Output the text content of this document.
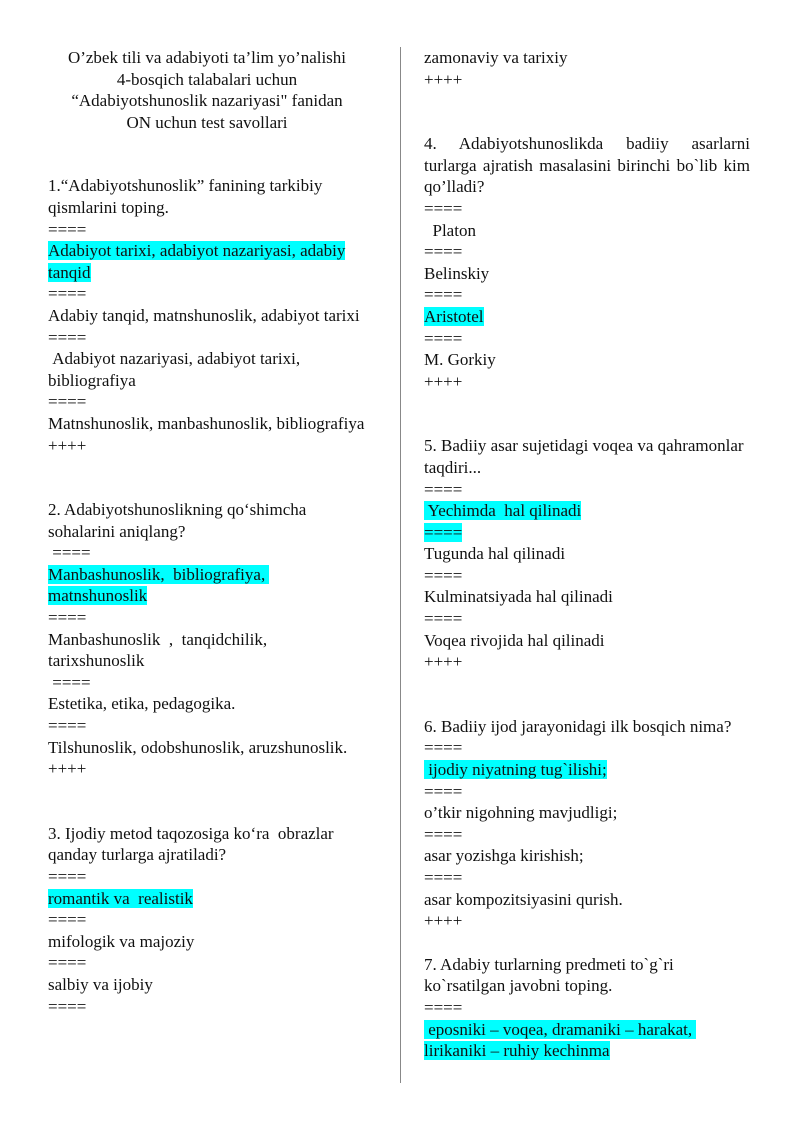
O’zbek tili va adabiyoti ta’lim yo’nalishi
4-bosqich talabalari uchun
“Adabiyotshunoslik nazariyasi" fanidan
ON uchun test savollari
1.“Adabiyotshunoslik” fanining tarkibiy qismlarini toping.
====
Adabiyot tarixi, adabiyot nazariyasi, adabiy tanqid
====
Adabiy tanqid, matnshunoslik, adabiyot tarixi
====
Adabiyot nazariyasi, adabiyot tarixi, bibliografiya
====
Matnshunoslik, manbashunoslik, bibliografiya
++++
2. Adabiyotshunoslikning qo‘shimcha sohalarini aniqlang?
====
Manbashunoslik,  bibliografiya, matnshunoslik
====
Manbashunoslik  ,  tanqidchilik, tarixshunoslik
====
Estetika, etika, pedagogika.
====
Tilshunoslik, odobshunoslik, aruzshunoslik.
++++
3. Ijodiy metod taqozosiga ko‘ra  obrazlar qanday turlarga ajratiladi?
====
romantik va  realistik
====
mifologik va majoziy
====
salbiy va ijobiy
====
zamonaviy va tarixiy
++++
4. Adabiyotshunoslikda badiiy asarlarni turlarga ajratish masalasini birinchi bo`lib kim qo’lladi?
====
Platon
====
Belinskiy
====
Aristotel
====
M. Gorkiy
++++
5. Badiiy asar sujetidagi voqea va qahramonlar taqdiri...
====
Yechimda  hal qilinadi
====
Tugunda hal qilinadi
====
Kulminatsiyada hal qilinadi
====
Voqea rivojida hal qilinadi
++++
6. Badiiy ijod jarayonidagi ilk bosqich nima?
====
ijodiy niyatning tug`ilishi;
====
o’tkir nigohning mavjudligi;
====
asar yozishga kirishish;
====
asar kompozitsiyasini qurish.
++++
7. Adabiy turlarning predmeti to`g`ri ko`rsatilgan javobni toping.
====
eposniki – voqea, dramaniki – harakat, lirikaniki – ruhiy kechinma
